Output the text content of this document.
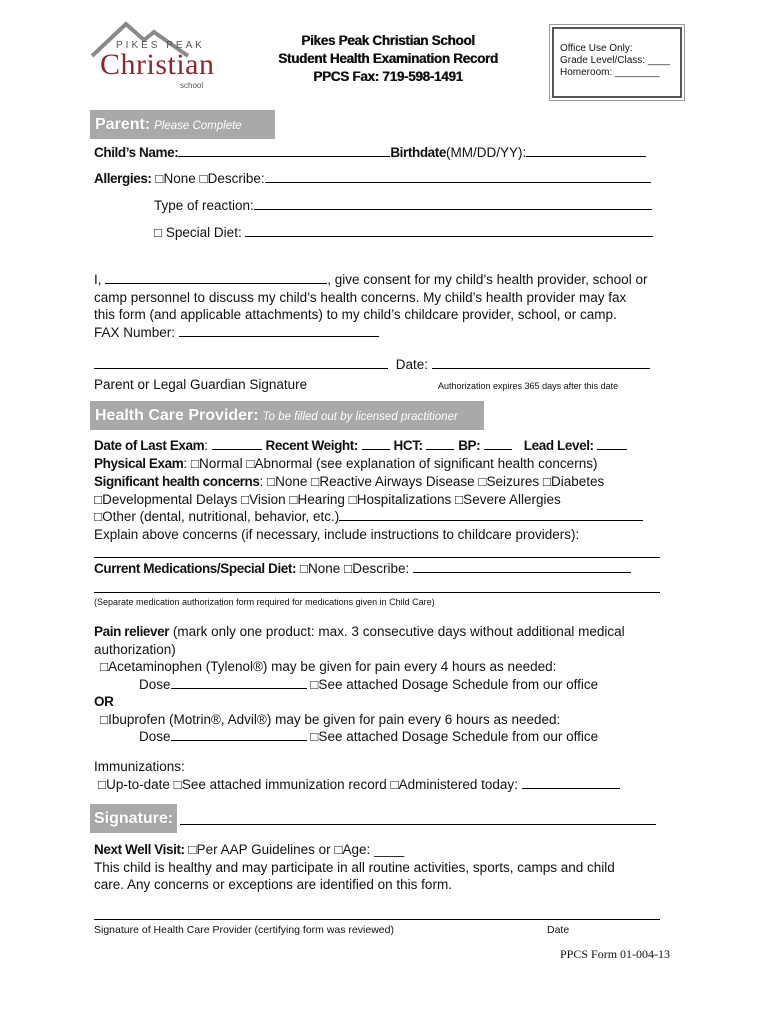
PIKES PEAK
Christian
school
Pikes Peak Christian School
Student Health Examination Record
PPCS Fax: 719-598-1491
Office Use Only:
Grade Level/Class: ____
Homeroom: ________
Parent: Please Complete
Child’s Name:	Birthdate(MM/DD/YY):
Allergies: □None □Describe:
Type of reaction:
□ Special Diet:
I,	, give consent for my child’s health provider, school or
camp personnel to discuss my child’s health concerns. My child’s health provider may fax
this form (and applicable attachments) to my child’s childcare provider, school, or camp.
FAX Number:
Date:
Parent or Legal Guardian Signature	Authorization expires 365 days after this date
Health Care Provider: To be filled out by licensed practitioner
Date of Last Exam:	Recent Weight:	HCT:	BP:	Lead Level:
Physical Exam: □Normal □Abnormal (see explanation of significant health concerns)
Significant health concerns: □None □Reactive Airways Disease □Seizures □Diabetes
□Developmental Delays □Vision □Hearing □Hospitalizations □Severe Allergies
□Other (dental, nutritional, behavior, etc.)
Explain above concerns (if necessary, include instructions to childcare providers):
Current Medications/Special Diet: □None □Describe:
(Separate medication authorization form required for medications given in Child Care)
Pain reliever (mark only one product: max. 3 consecutive days without additional medical
authorization)
□Acetaminophen (Tylenol®) may be given for pain every 4 hours as needed:
Dose	□See attached Dosage Schedule from our office
OR
□Ibuprofen (Motrin®, Advil®) may be given for pain every 6 hours as needed:
Dose	□See attached Dosage Schedule from our office
Immunizations:
□Up-to-date □See attached immunization record □Administered today:
Signature:
Next Well Visit: □Per AAP Guidelines or □Age: ____
This child is healthy and may participate in all routine activities, sports, camps and child
care. Any concerns or exceptions are identified on this form.
Signature of Health Care Provider (certifying form was reviewed)	Date
PPCS Form 01-004-13
